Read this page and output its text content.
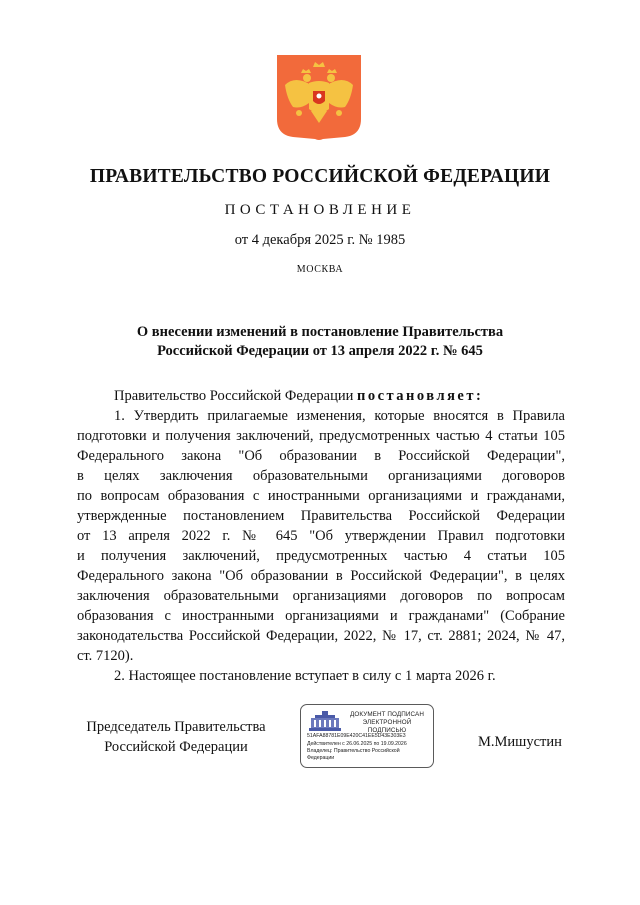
ПРАВИТЕЛЬСТВО РОССИЙСКОЙ ФЕДЕРАЦИИ
ПОСТАНОВЛЕНИЕ
от 4 декабря 2025 г. № 1985
МОСКВА
О внесении изменений в постановление Правительства
Российской Федерации от 13 апреля 2022 г. № 645
Правительство Российской Федерации постановляет:
1. Утвердить прилагаемые изменения, которые вносятся в Правила
подготовки и получения заключений, предусмотренных частью 4 статьи 105
Федерального закона "Об образовании в Российской Федерации",
в целях заключения образовательными организациями договоров
по вопросам образования с иностранными организациями и гражданами,
утвержденные постановлением Правительства Российской Федерации
от 13 апреля 2022 г. № 645 "Об утверждении Правил подготовки
и получения заключений, предусмотренных частью 4 статьи 105
Федерального закона "Об образовании в Российской Федерации", в целях
заключения образовательными организациями договоров по вопросам
образования с иностранными организациями и гражданами" (Собрание
законодательства Российской Федерации, 2022, № 17, ст. 2881; 2024, № 47,
ст. 7120).
2. Настоящее постановление вступает в силу с 1 марта 2026 г.
Председатель Правительства
Российской Федерации
ДОКУМЕНТ ПОДПИСАН
ЭЛЕКТРОННОЙ ПОДПИСЬЮ
51AFA88781E09E420C41EE5D43E303E3
Действителен с 26.06.2025 по 19.09.2026
Владелец: Правительство Российской
Федерации
М.Мишустин
